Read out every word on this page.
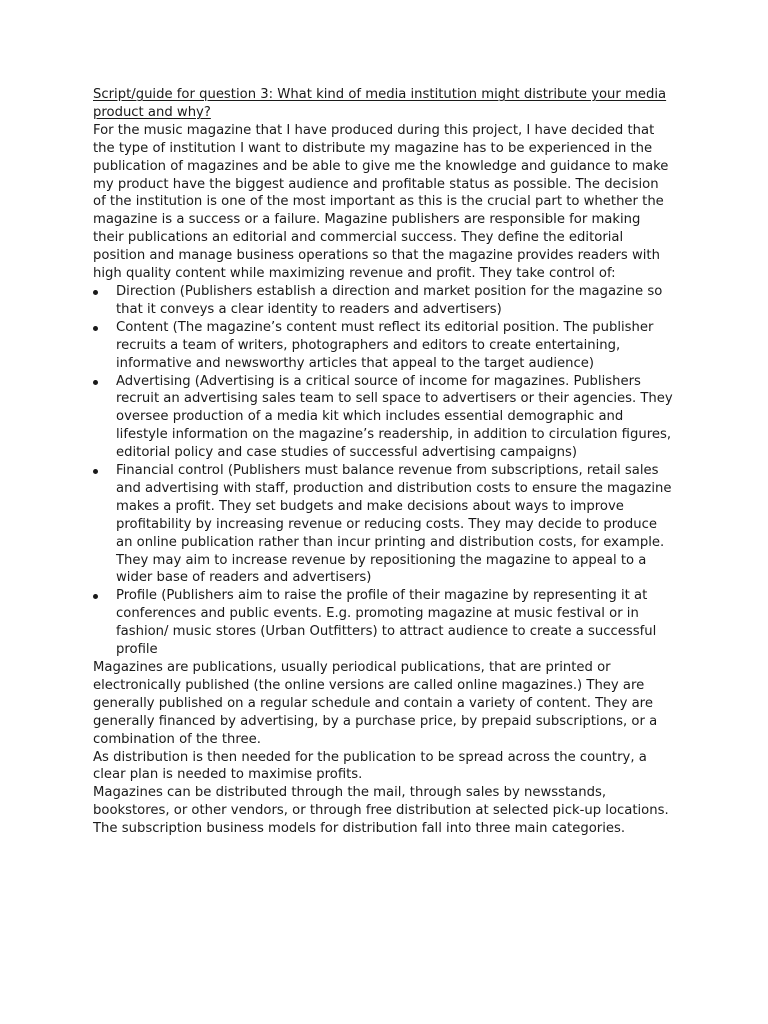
Script/guide for question 3: What kind of media institution might distribute your media product and why?

For the music magazine that I have produced during this project, I have decided that the type of institution I want to distribute my magazine has to be experienced in the publication of magazines and be able to give me the knowledge and guidance to make my product have the biggest audience and profitable status as possible. The decision of the institution is one of the most important as this is the crucial part to whether the magazine is a success or a failure. Magazine publishers are responsible for making their publications an editorial and commercial success. They define the editorial position and manage business operations so that the magazine provides readers with high quality content while maximizing revenue and profit. They take control of:

Direction (Publishers establish a direction and market position for the magazine so that it conveys a clear identity to readers and advertisers)
Content (The magazine’s content must reflect its editorial position. The publisher recruits a team of writers, photographers and editors to create entertaining, informative and newsworthy articles that appeal to the target audience)
Advertising (Advertising is a critical source of income for magazines. Publishers recruit an advertising sales team to sell space to advertisers or their agencies. They oversee production of a media kit which includes essential demographic and lifestyle information on the magazine’s readership, in addition to circulation figures, editorial policy and case studies of successful advertising campaigns)
Financial control (Publishers must balance revenue from subscriptions, retail sales and advertising with staff, production and distribution costs to ensure the magazine makes a profit. They set budgets and make decisions about ways to improve profitability by increasing revenue or reducing costs. They may decide to produce an online publication rather than incur printing and distribution costs, for example. They may aim to increase revenue by repositioning the magazine to appeal to a wider base of readers and advertisers)
Profile (Publishers aim to raise the profile of their magazine by representing it at conferences and public events. E.g. promoting magazine at music festival or in fashion/ music stores (Urban Outfitters) to attract audience to create a successful profile

Magazines are publications, usually periodical publications, that are printed or electronically published (the online versions are called online magazines.) They are generally published on a regular schedule and contain a variety of content. They are generally financed by advertising, by a purchase price, by prepaid subscriptions, or a combination of the three.

As distribution is then needed for the publication to be spread across the country, a clear plan is needed to maximise profits.

Magazines can be distributed through the mail, through sales by newsstands, bookstores, or other vendors, or through free distribution at selected pick-up locations. The subscription business models for distribution fall into three main categories.
